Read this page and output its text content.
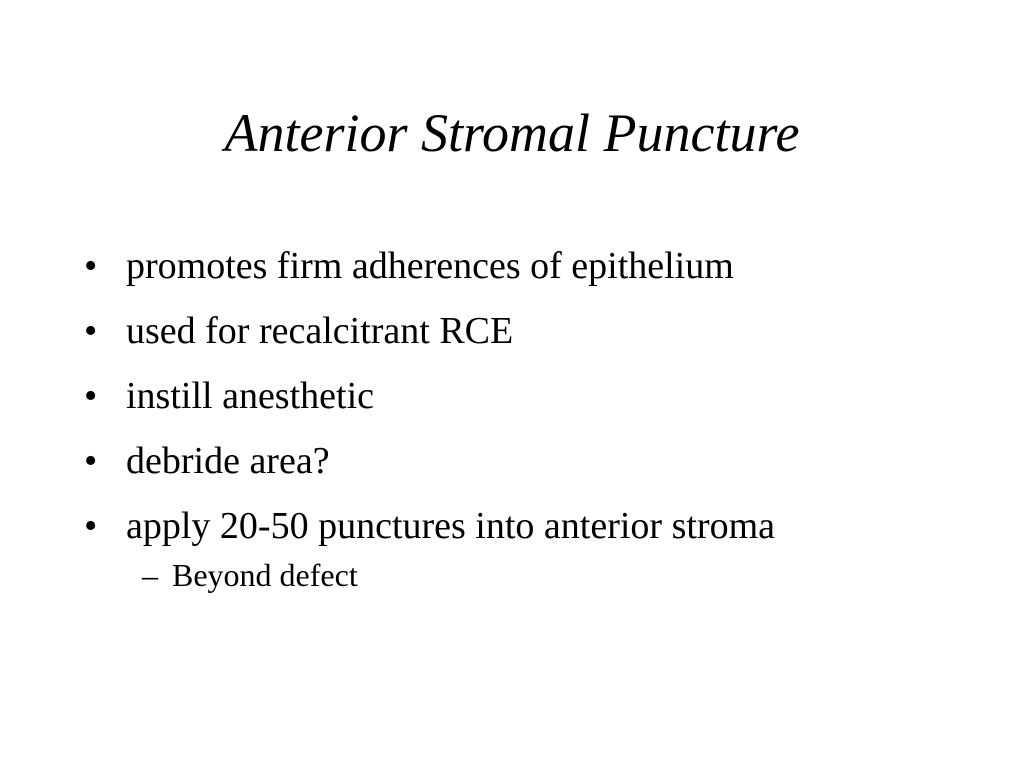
Anterior Stromal Puncture
• promotes firm adherences of epithelium
• used for recalcitrant RCE
• instill anesthetic
• debride area?
• apply 20-50 punctures into anterior stroma
– Beyond defect
